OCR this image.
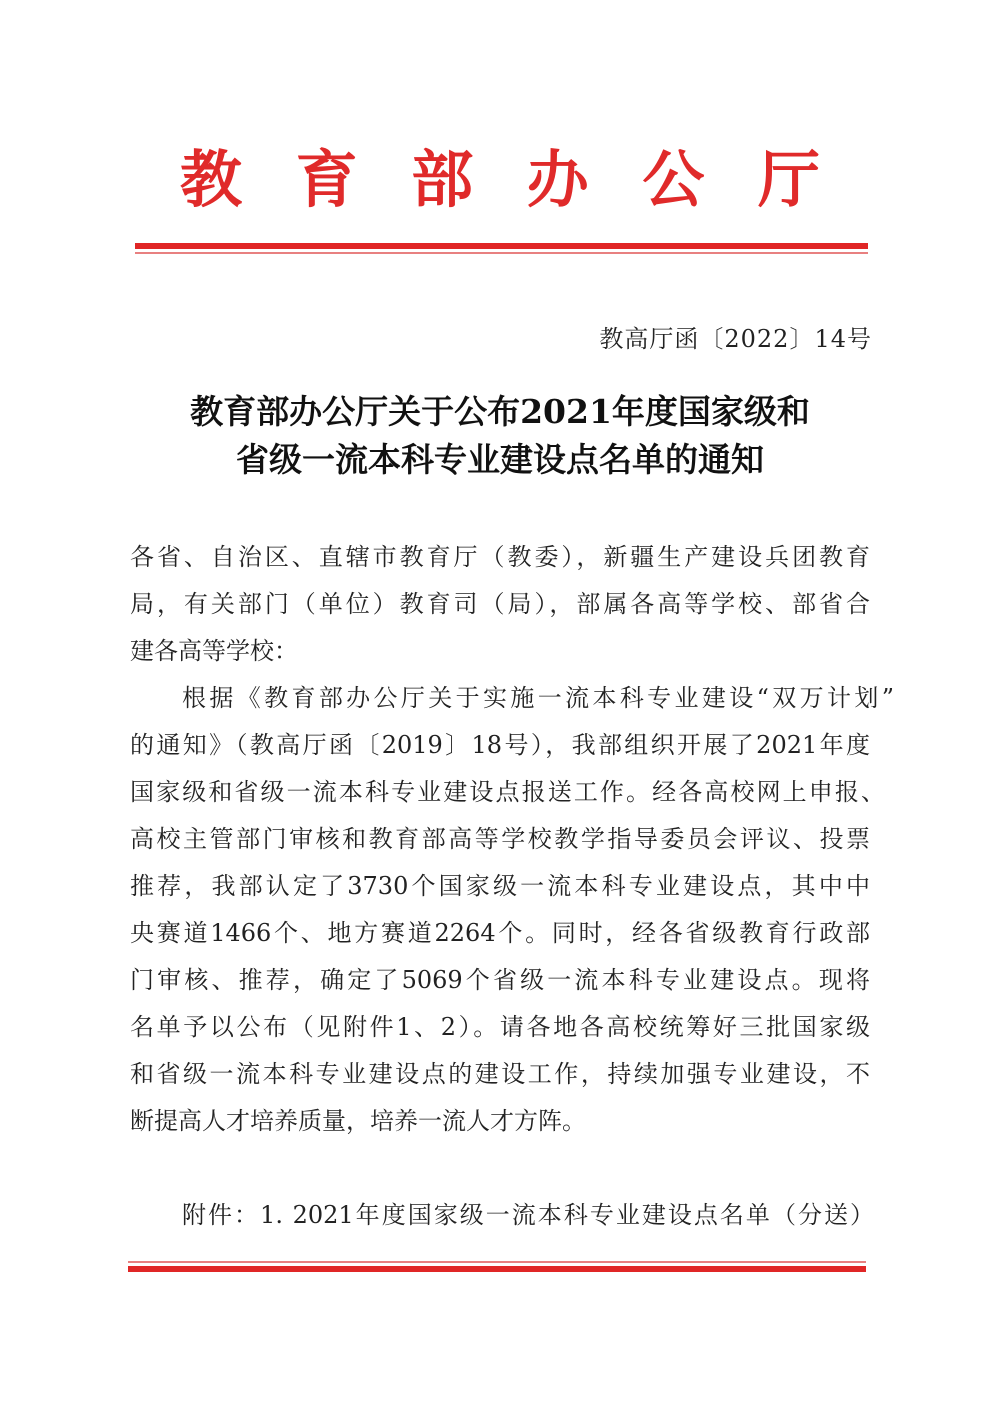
教 育 部 办 公 厅
教高厅函〔2022〕14号
教育部办公厅关于公布2021年度国家级和
省级一流本科专业建设点名单的通知
各省、自治区、直辖市教育厅（教委），新疆生产建设兵团教育
局，有关部门（单位）教育司（局），部属各高等学校、部省合
建各高等学校：
根据《教育部办公厅关于实施一流本科专业建设“双万计划”
的通知》（教高厅函〔2019〕18号），我部组织开展了2021年度
国家级和省级一流本科专业建设点报送工作。经各高校网上申报、
高校主管部门审核和教育部高等学校教学指导委员会评议、投票
推荐，我部认定了3730个国家级一流本科专业建设点，其中中
央赛道1466个、地方赛道2264个。同时，经各省级教育行政部
门审核、推荐，确定了5069个省级一流本科专业建设点。现将
名单予以公布（见附件1、2）。请各地各高校统筹好三批国家级
和省级一流本科专业建设点的建设工作，持续加强专业建设，不
断提高人才培养质量，培养一流人才方阵。
附件：1. 2021年度国家级一流本科专业建设点名单（分送）
